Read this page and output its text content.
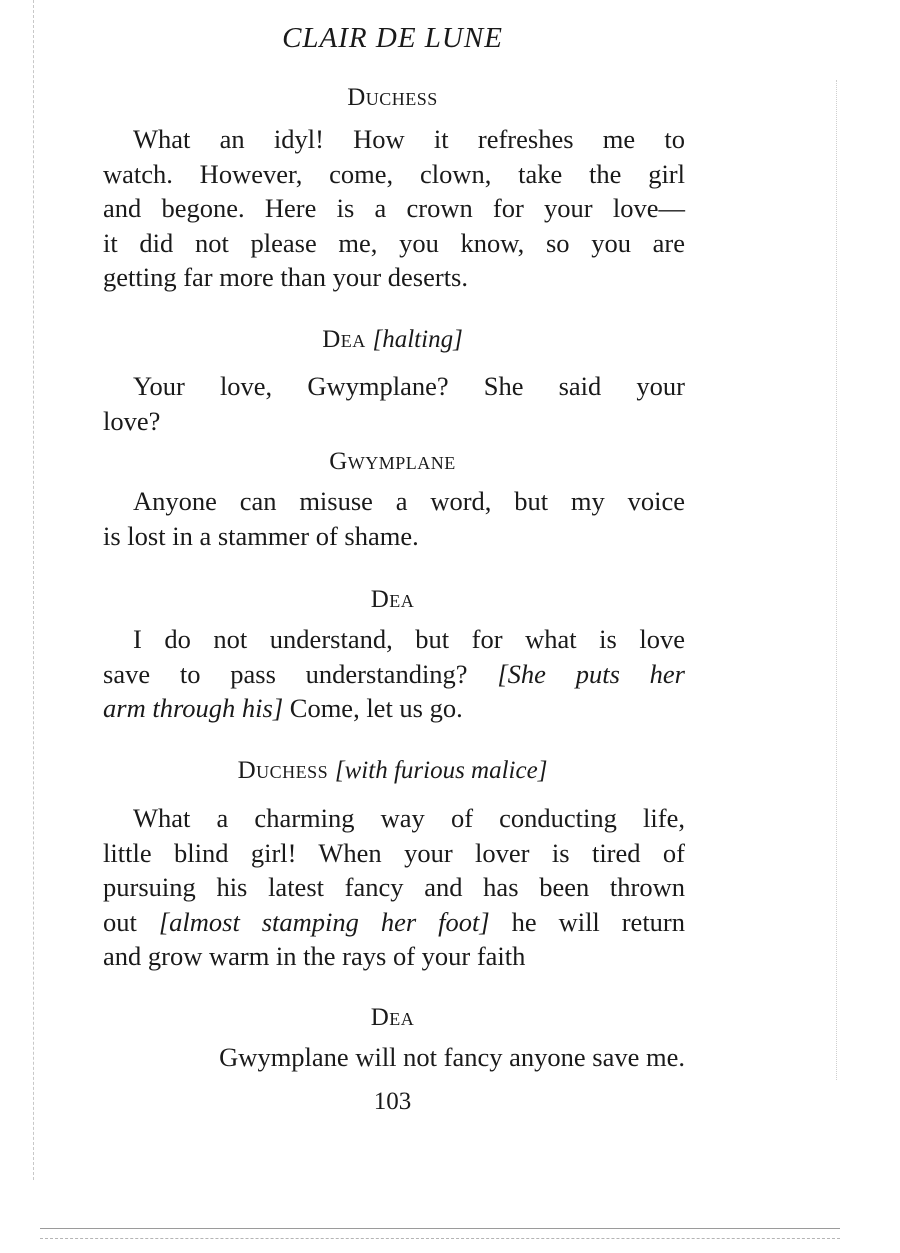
CLAIR DE LUNE
Duchess
What an idyl! How it refreshes me to
watch. However, come, clown, take the girl
and begone. Here is a crown for your love—
it did not please me, you know, so you are
getting far more than your deserts.
Dea [halting]
Your love, Gwymplane? She said your
love?
Gwymplane
Anyone can misuse a word, but my voice
is lost in a stammer of shame.
Dea
I do not understand, but for what is love
save to pass understanding? [She puts her
arm through his] Come, let us go.
Duchess [with furious malice]
What a charming way of conducting life,
little blind girl! When your lover is tired of
pursuing his latest fancy and has been thrown
out [almost stamping her foot] he will return
and grow warm in the rays of your faith
Dea
Gwymplane will not fancy anyone save me.
103
